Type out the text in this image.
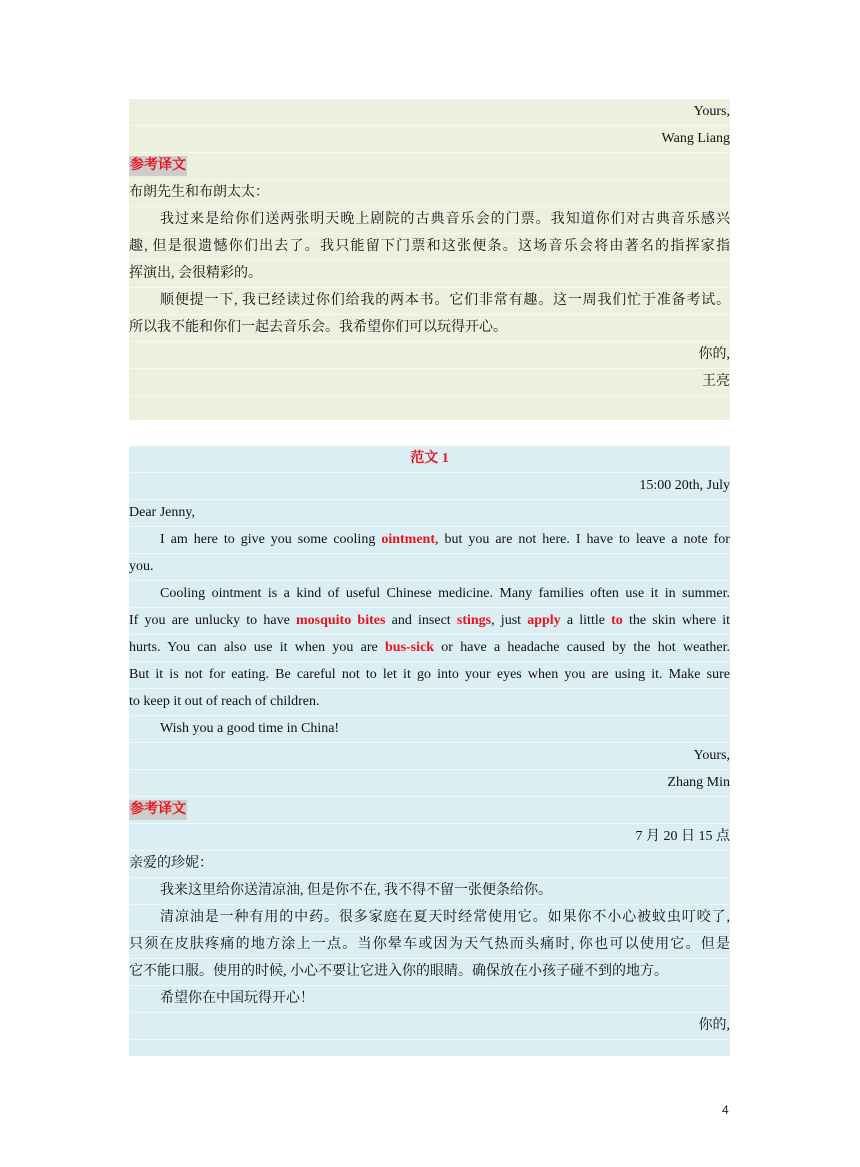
Yours,
Wang Liang
参考译文
布朗先生和布朗太太：
我过来是给你们送两张明天晚上剧院的古典音乐会的门票。我知道你们对古典音乐感兴
趣, 但是很遗憾你们出去了。我只能留下门票和这张便条。这场音乐会将由著名的指挥家指
挥演出, 会很精彩的。
顺便提一下, 我已经读过你们给我的两本书。它们非常有趣。这一周我们忙于准备考试。
所以我不能和你们一起去音乐会。我希望你们可以玩得开心。
你的,
王亮
范文 1
15:00 20th, July
Dear Jenny,
I am here to give you some cooling ointment, but you are not here. I have to leave a note for
you.
Cooling ointment is a kind of useful Chinese medicine. Many families often use it in summer.
If you are unlucky to have mosquito bites and insect stings, just apply a little to the skin where it
hurts. You can also use it when you are bus-sick or have a headache caused by the hot weather.
But it is not for eating. Be careful not to let it go into your eyes when you are using it. Make sure
to keep it out of reach of children.
Wish you a good time in China!
Yours,
Zhang Min
参考译文
7 月 20 日 15 点
亲爱的珍妮：
我来这里给你送清凉油, 但是你不在, 我不得不留一张便条给你。
清凉油是一种有用的中药。很多家庭在夏天时经常使用它。如果你不小心被蚊虫叮咬了,
只须在皮肤疼痛的地方涂上一点。当你晕车或因为天气热而头痛时, 你也可以使用它。但是
它不能口服。使用的时候, 小心不要让它进入你的眼睛。确保放在小孩子碰不到的地方。
希望你在中国玩得开心！
你的,
4
